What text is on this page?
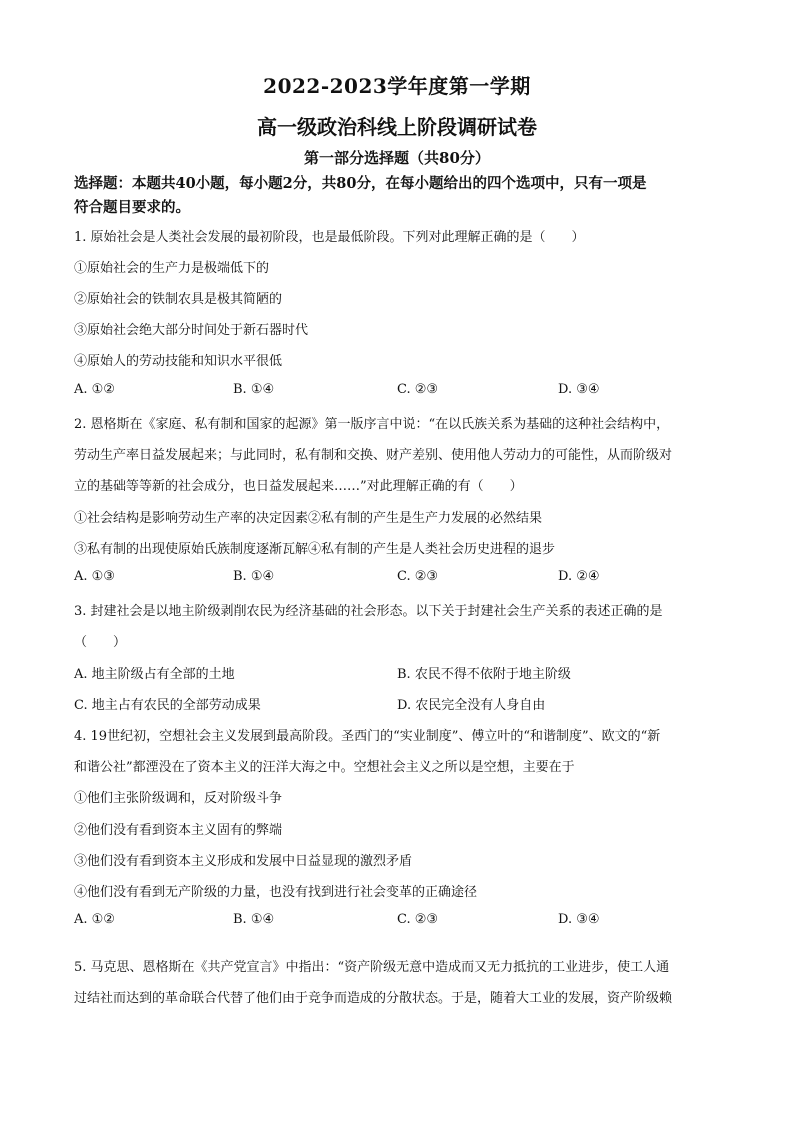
2022-2023学年度第一学期
高一级政治科线上阶段调研试卷
第一部分选择题（共80分）
选择题：本题共40小题，每小题2分，共80分，在每小题给出的四个选项中，只有一项是
符合题目要求的。
1. 原始社会是人类社会发展的最初阶段，也是最低阶段。下列对此理解正确的是（　　）
①原始社会的生产力是极端低下的
②原始社会的铁制农具是极其简陋的
③原始社会绝大部分时间处于新石器时代
④原始人的劳动技能和知识水平很低
A. ①②	B. ①④	C. ②③	D. ③④
2. 恩格斯在《家庭、私有制和国家的起源》第一版序言中说：“在以氏族关系为基础的这种社会结构中，
劳动生产率日益发展起来；与此同时，私有制和交换、财产差别、使用他人劳动力的可能性，从而阶级对
立的基础等等新的社会成分，也日益发展起来……”对此理解正确的有（　　）
①社会结构是影响劳动生产率的决定因素②私有制的产生是生产力发展的必然结果
③私有制的出现使原始氏族制度逐渐瓦解④私有制的产生是人类社会历史进程的退步
A. ①③	B. ①④	C. ②③	D. ②④
3. 封建社会是以地主阶级剥削农民为经济基础的社会形态。以下关于封建社会生产关系的表述正确的是
（　　）
A. 地主阶级占有全部的土地	B. 农民不得不依附于地主阶级
C. 地主占有农民的全部劳动成果	D. 农民完全没有人身自由
4. 19世纪初，空想社会主义发展到最高阶段。圣西门的“实业制度”、傅立叶的“和谐制度”、欧文的“新
和谐公社”都湮没在了资本主义的汪洋大海之中。空想社会主义之所以是空想，主要在于
①他们主张阶级调和，反对阶级斗争
②他们没有看到资本主义固有的弊端
③他们没有看到资本主义形成和发展中日益显现的激烈矛盾
④他们没有看到无产阶级的力量，也没有找到进行社会变革的正确途径
A. ①②	B. ①④	C. ②③	D. ③④
5. 马克思、恩格斯在《共产党宣言》中指出：“资产阶级无意中造成而又无力抵抗的工业进步，使工人通
过结社而达到的革命联合代替了他们由于竞争而造成的分散状态。于是，随着大工业的发展，资产阶级赖
